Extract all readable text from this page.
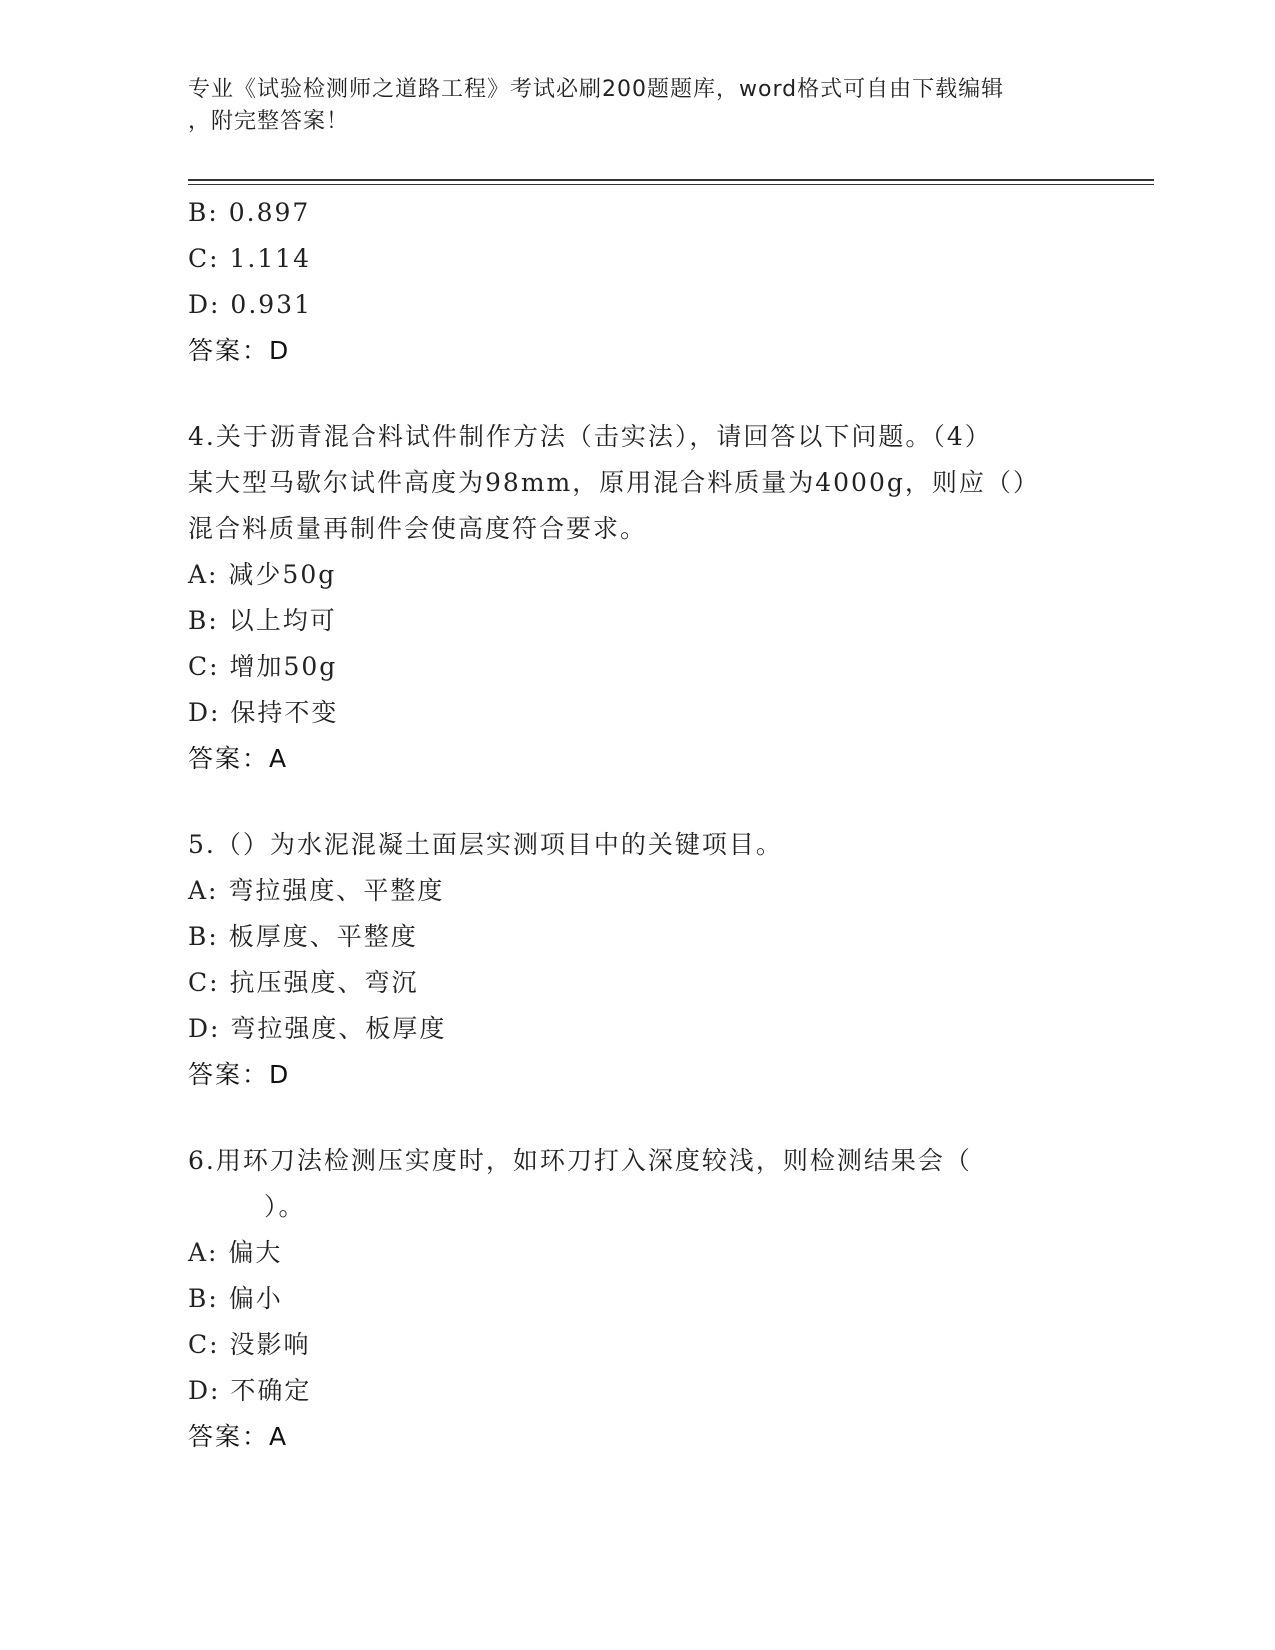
专业《试验检测师之道路工程》考试必刷200题题库，word格式可自由下载编辑
，附完整答案！
B: 0.897
C: 1.114
D: 0.931
答案：D
4.关于沥青混合料试件制作方法（击实法），请回答以下问题。（4）
某大型马歇尔试件高度为98mm，原用混合料质量为4000g，则应（）
混合料质量再制件会使高度符合要求。
A: 减少50g
B: 以上均可
C: 增加50g
D: 保持不变
答案：A
5.（）为水泥混凝土面层实测项目中的关键项目。
A: 弯拉强度、平整度
B: 板厚度、平整度
C: 抗压强度、弯沉
D: 弯拉强度、板厚度
答案：D
6.用环刀法检测压实度时，如环刀打入深度较浅，则检测结果会（
）。
A: 偏大
B: 偏小
C: 没影响
D: 不确定
答案：A
